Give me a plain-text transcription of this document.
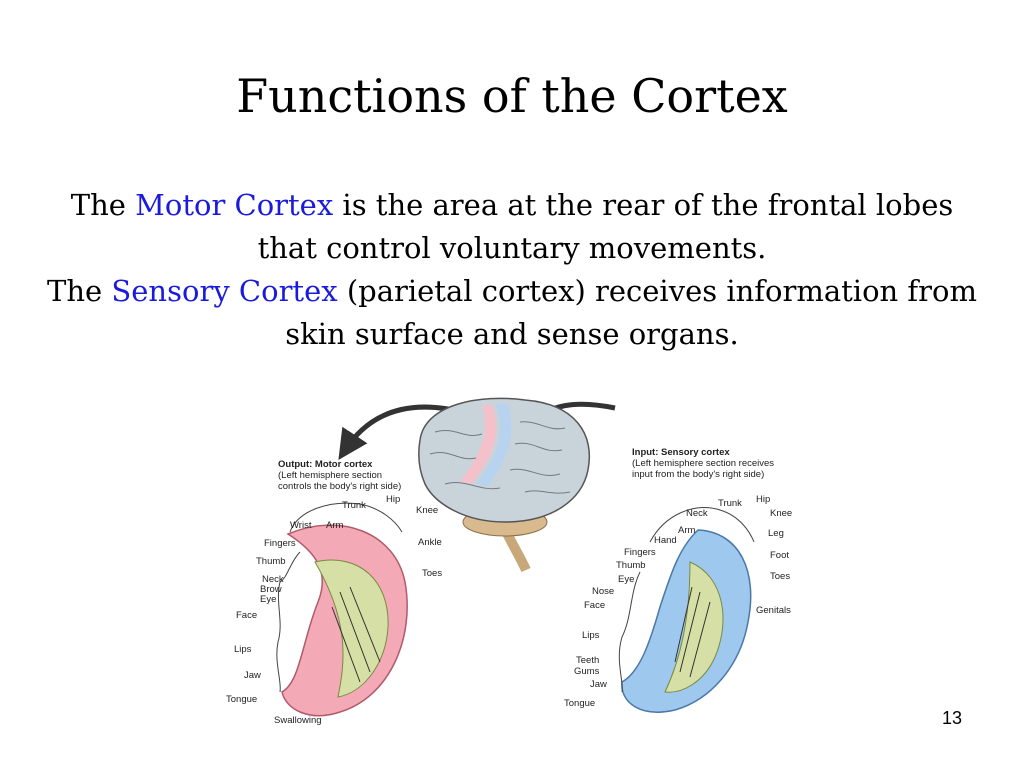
Functions of the Cortex
The Motor Cortex is the area at the rear of the frontal lobes that control voluntary movements.
The Sensory Cortex (parietal cortex) receives information from skin surface and sense organs.
Output: Motor cortex
(Left hemisphere section
controls the body's right side)
Trunk
Hip
Knee
Ankle
Toes
Wrist Arm
Fingers
Thumb
Neck
Brow
Eye
Face
Lips
Jaw
Tongue
Swallowing
Input: Sensory cortex
(Left hemisphere section receives
input from the body's right side)
Trunk Hip
Neck	Knee
Arm	Leg
Hand
Fingers	Foot
Thumb
Toes
Eye
Nose
Face	Genitals
Lips
Teeth
Gums
Jaw
Tongue
13
